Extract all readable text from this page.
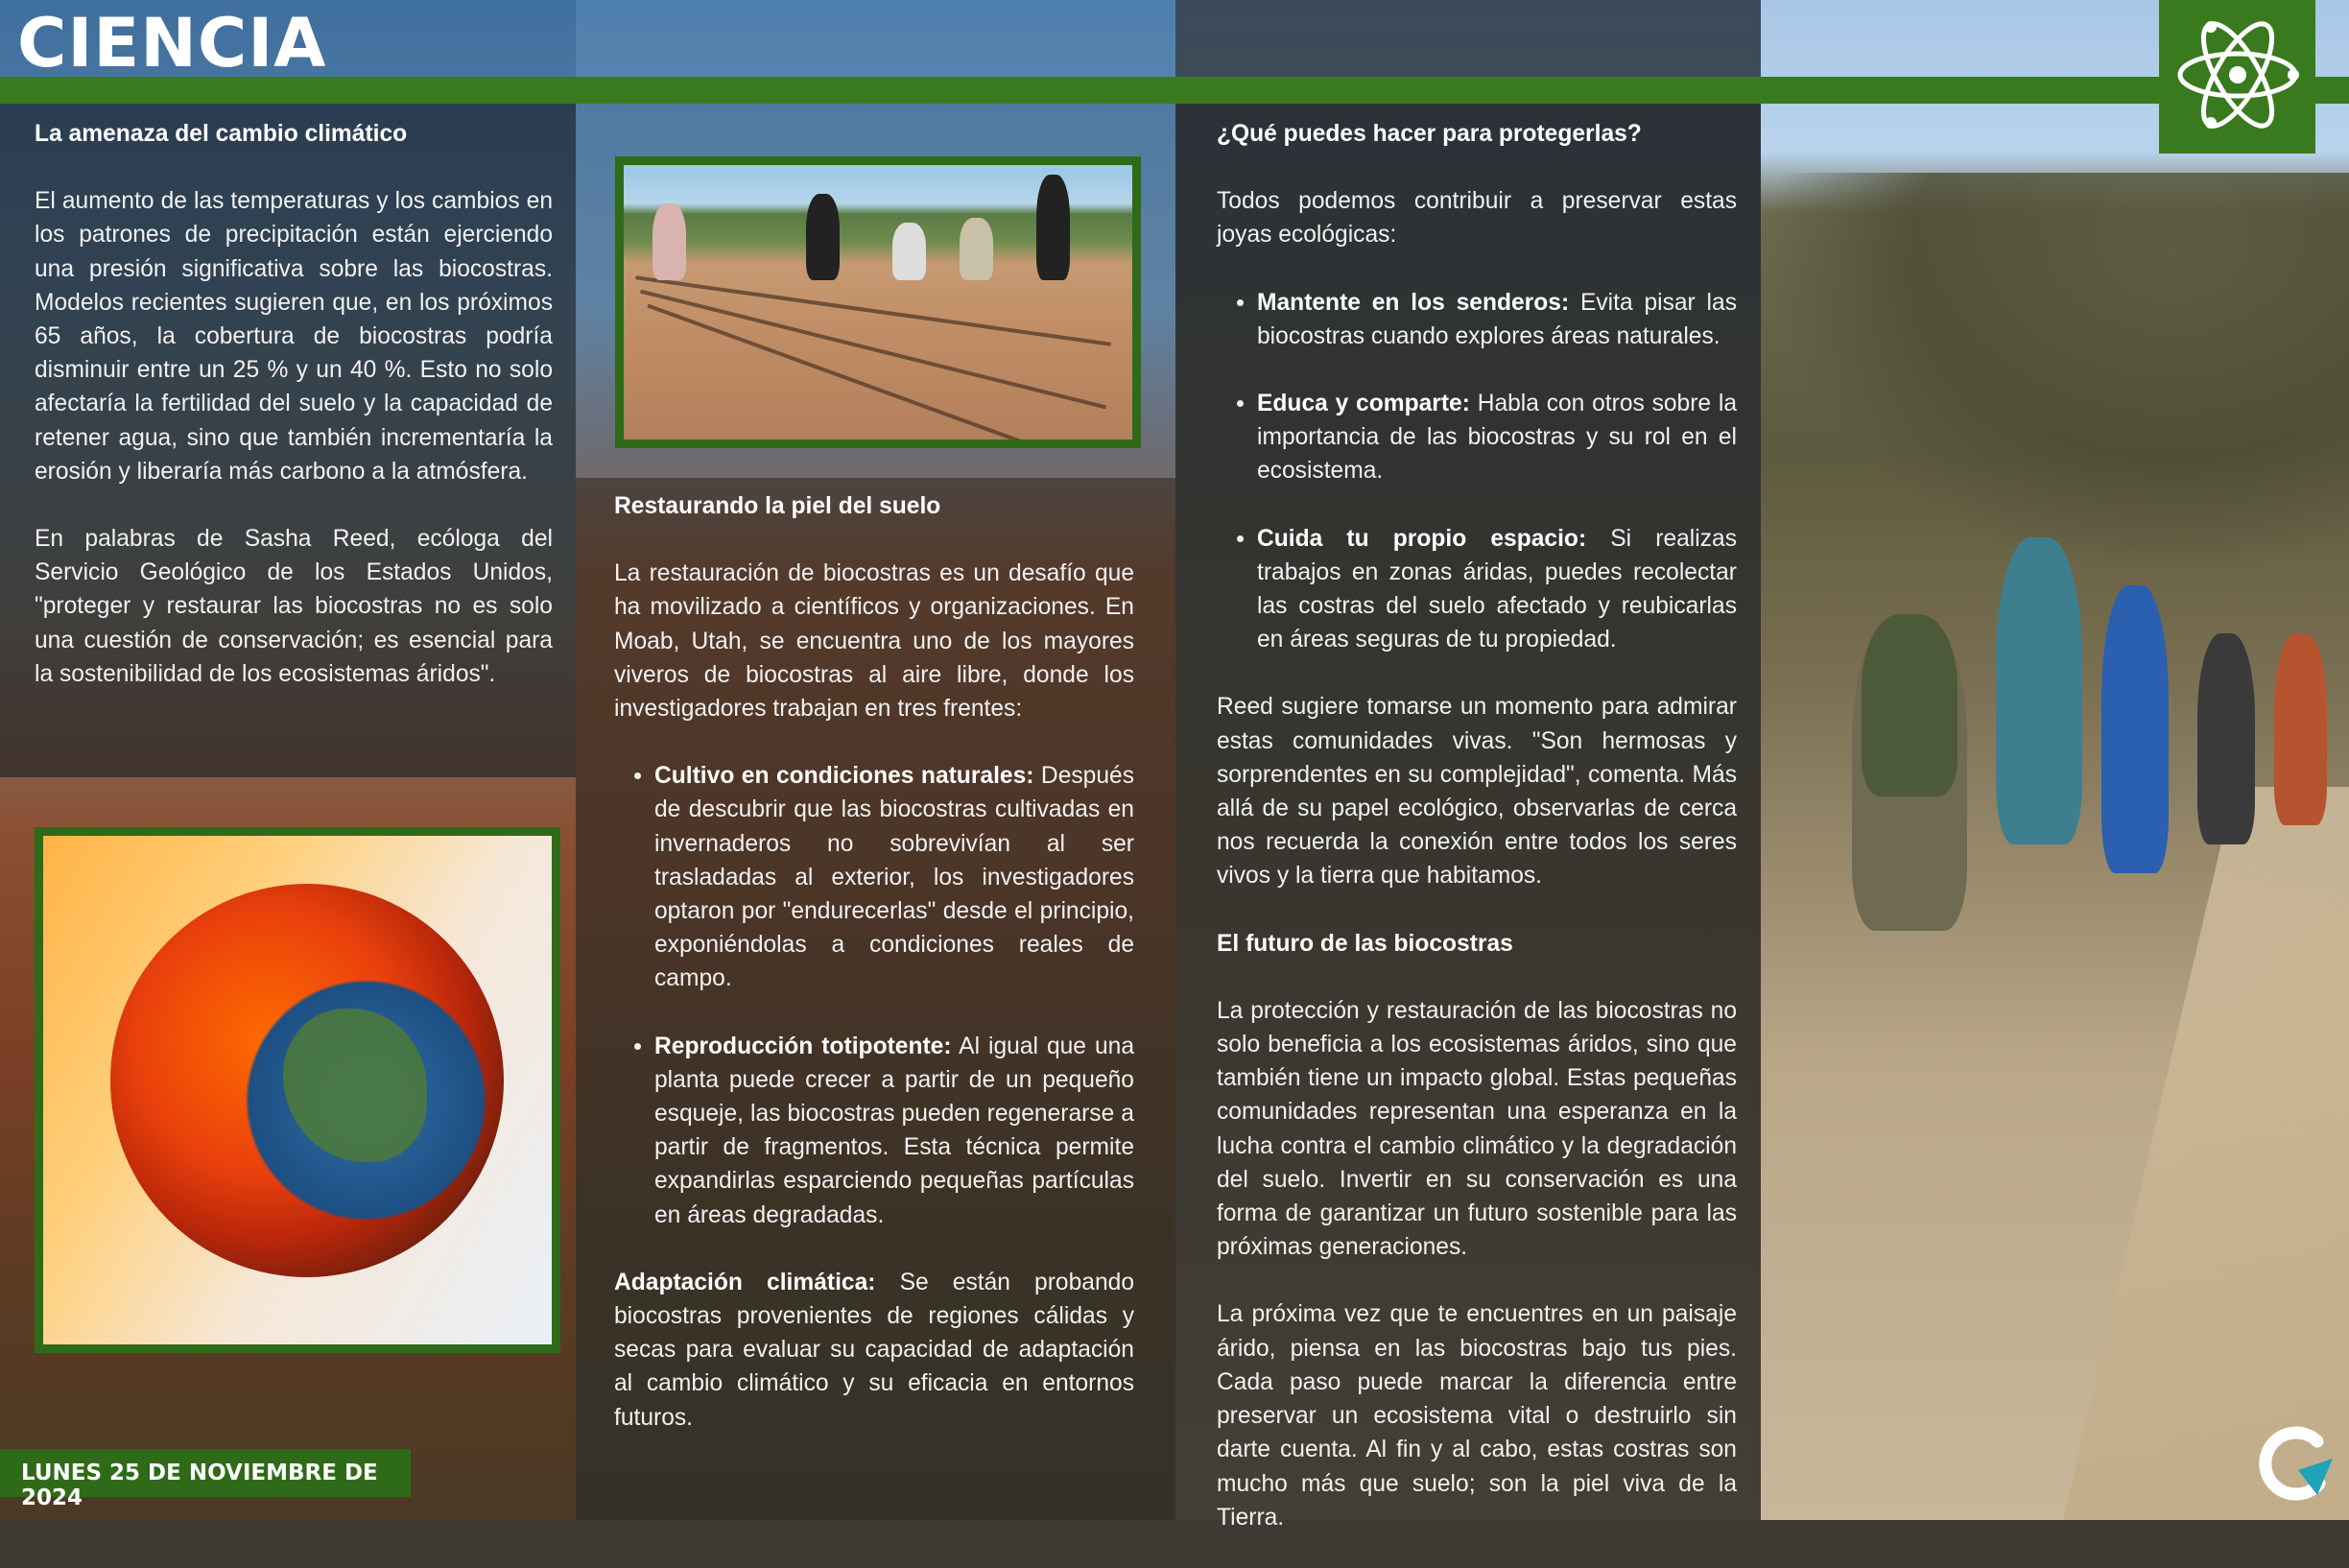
CIENCIA
La amenaza del cambio climático

El aumento de las temperaturas y los cambios en los patrones de precipitación están ejerciendo una presión significativa sobre las biocostras. Modelos recientes sugieren que, en los próximos 65 años, la cobertura de biocostras podría disminuir entre un 25 % y un 40 %. Esto no solo afectaría la fertilidad del suelo y la capacidad de retener agua, sino que también incrementaría la erosión y liberaría más carbono a la atmósfera.

En palabras de Sasha Reed, ecóloga del Servicio Geológico de los Estados Unidos, "proteger y restaurar las biocostras no es solo una cuestión de conservación; es esencial para la sostenibilidad de los ecosistemas áridos".

Restaurando la piel del suelo

La restauración de biocostras es un desafío que ha movilizado a científicos y organizaciones. En Moab, Utah, se encuentra uno de los mayores viveros de biocostras al aire libre, donde los investigadores trabajan en tres frentes:

• Cultivo en condiciones naturales: Después de descubrir que las biocostras cultivadas en invernaderos no sobrevivían al ser trasladadas al exterior, los investigadores optaron por "endurecerlas" desde el principio, exponiéndolas a condiciones reales de campo.
• Reproducción totipotente: Al igual que una planta puede crecer a partir de un pequeño esqueje, las biocostras pueden regenerarse a partir de fragmentos. Esta técnica permite expandirlas esparciendo pequeñas partículas en áreas degradadas.

Adaptación climática: Se están probando biocostras provenientes de regiones cálidas y secas para evaluar su capacidad de adaptación al cambio climático y su eficacia en entornos futuros.

¿Qué puedes hacer para protegerlas?

Todos podemos contribuir a preservar estas joyas ecológicas:

• Mantente en los senderos: Evita pisar las biocostras cuando explores áreas naturales.
• Educa y comparte: Habla con otros sobre la importancia de las biocostras y su rol en el ecosistema.
• Cuida tu propio espacio: Si realizas trabajos en zonas áridas, puedes recolectar las costras del suelo afectado y reubicarlas en áreas seguras de tu propiedad.

Reed sugiere tomarse un momento para admirar estas comunidades vivas. "Son hermosas y sorprendentes en su complejidad", comenta. Más allá de su papel ecológico, observarlas de cerca nos recuerda la conexión entre todos los seres vivos y la tierra que habitamos.

El futuro de las biocostras

La protección y restauración de las biocostras no solo beneficia a los ecosistemas áridos, sino que también tiene un impacto global. Estas pequeñas comunidades representan una esperanza en la lucha contra el cambio climático y la degradación del suelo. Invertir en su conservación es una forma de garantizar un futuro sostenible para las próximas generaciones.

La próxima vez que te encuentres en un paisaje árido, piensa en las biocostras bajo tus pies. Cada paso puede marcar la diferencia entre preservar un ecosistema vital o destruirlo sin darte cuenta. Al fin y al cabo, estas costras son mucho más que suelo; son la piel viva de la Tierra.

LUNES 25 DE NOVIEMBRE DE 2024
